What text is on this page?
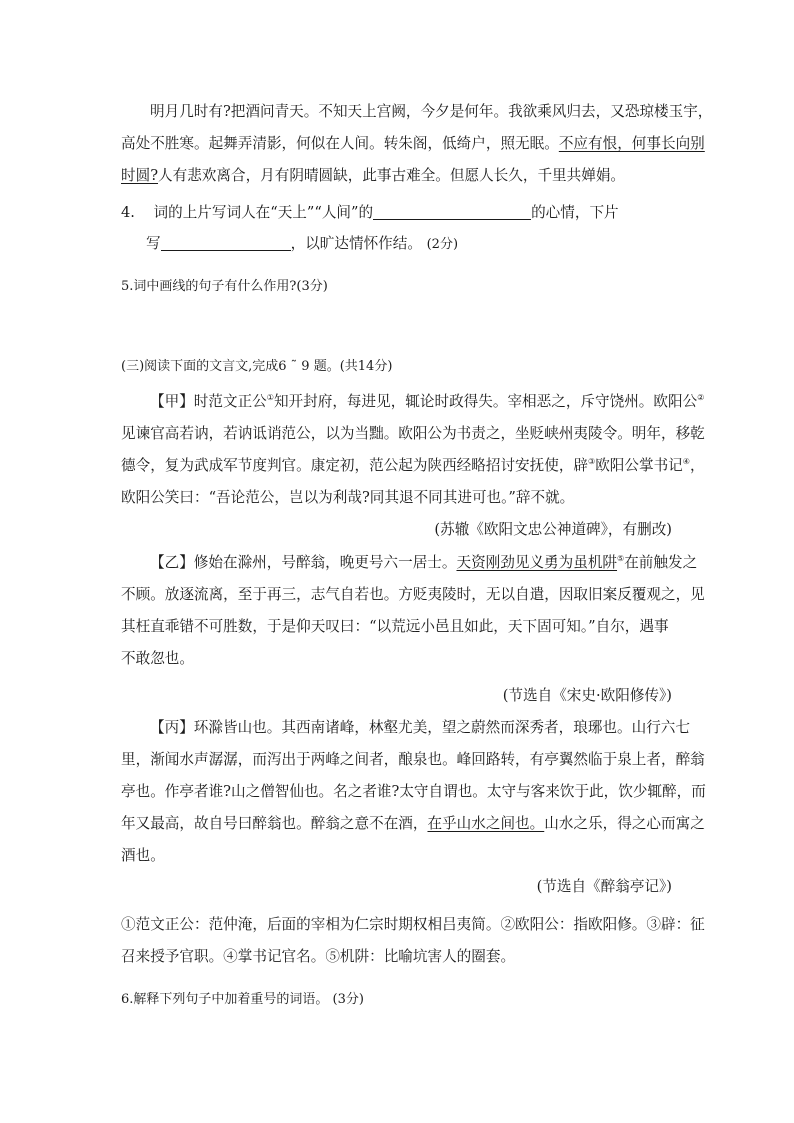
明月几时有?把酒问青天。不知天上宫阙，今夕是何年。我欲乘风归去，又恐琼楼玉宇，
高处不胜寒。起舞弄清影，何似在人间。转朱阁，低绮户，照无眠。不应有恨，何事长向别
时圆?人有悲欢离合，月有阴晴圆缺，此事古难全。但愿人长久，千里共婵娟。
4. 词的上片写词人在“天上”“人间”的	的心情，下片
写	，以旷达情怀作结。 (2分)
5.词中画线的句子有什么作用?(3分)
(三)阅读下面的文言文,完成6 ˜ 9 题。(共14分)
【甲】时范文正公①知开封府，每进见，辄论时政得失。宰相恶之，斥守饶州。欧阳公②
见谏官高若讷，若讷诋诮范公，以为当黜。欧阳公为书责之，坐贬峡州夷陵令。明年，移乾
德令，复为武成军节度判官。康定初，范公起为陕西经略招讨安抚使，辟③欧阳公掌书记④，
欧阳公笑曰：“吾论范公，岂以为利哉?同其退不同其进可也。”辞不就。
(苏辙《欧阳文忠公神道碑》，有删改)
【乙】修始在滁州，号醉翁，晚更号六一居士。天资刚劲见义勇为虽机阱⑤在前触发之
不顾。放逐流离，至于再三，志气自若也。方贬夷陵时，无以自遣，因取旧案反覆观之，见
其枉直乖错不可胜数，于是仰天叹曰：“以荒远小邑且如此，天下固可知。”自尔，遇事
不敢忽也。
(节选自《宋史·欧阳修传》)
【丙】环滁皆山也。其西南诸峰，林壑尤美，望之蔚然而深秀者，琅琊也。山行六七
里，渐闻水声潺潺，而泻出于两峰之间者，酿泉也。峰回路转，有亭翼然临于泉上者，醉翁
亭也。作亭者谁?山之僧智仙也。名之者谁?太守自谓也。太守与客来饮于此，饮少辄醉，而
年又最高，故自号曰醉翁也。醉翁之意不在酒，在乎山水之间也。山水之乐，得之心而寓之
酒也。
(节选自《醉翁亭记》)
①范文正公：范仲淹，后面的宰相为仁宗时期权相吕夷简。②欧阳公：指欧阳修。③辟：征
召来授予官职。④掌书记官名。⑤机阱：比喻坑害人的圈套。
6.解释下列句子中加着重号的词语。 (3分)
